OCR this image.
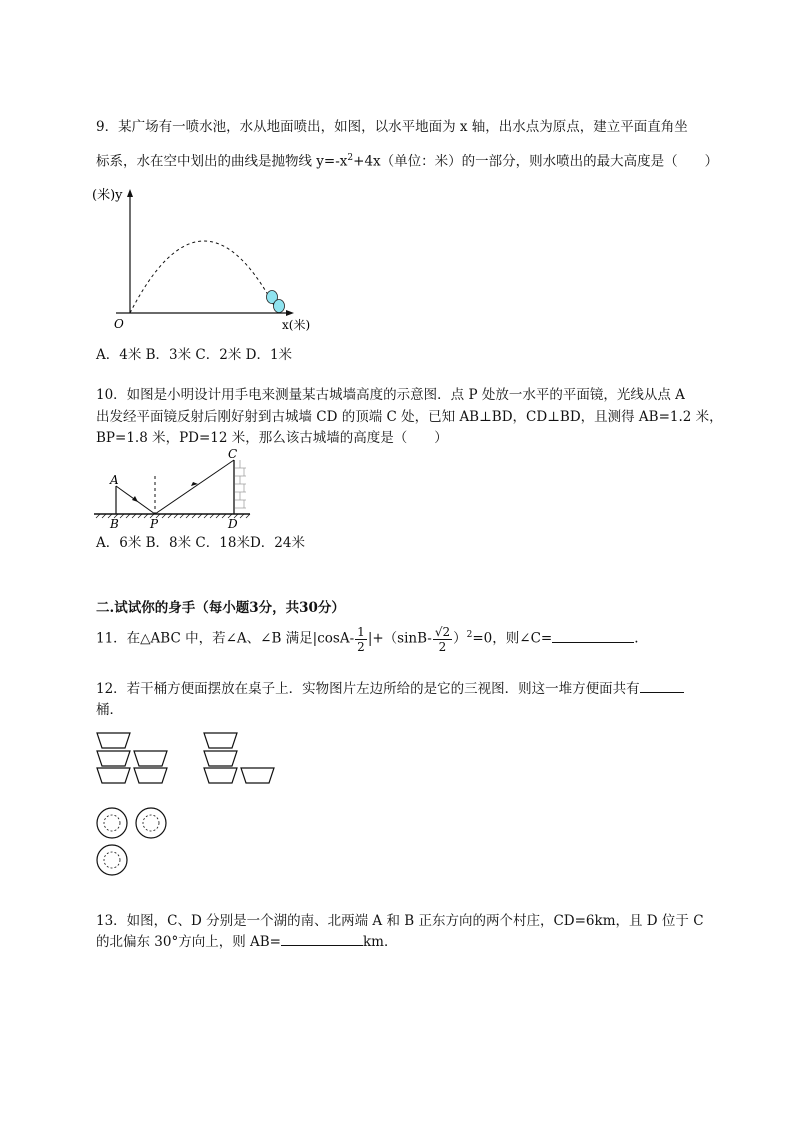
9．某广场有一喷水池，水从地面喷出，如图，以水平地面为 x 轴，出水点为原点，建立平面直角坐
标系，水在空中划出的曲线是抛物线 $y=-x^2+4x$（单位：米）的一部分，则水喷出的最大高度是（　　）
(米)y
O	x(米)
A．4米 B．3米 C．2米 D．1米
10．如图是小明设计用手电来测量某古城墙高度的示意图．点 P 处放一水平的平面镜，光线从点 A
出发经平面镜反射后刚好射到古城墙 CD 的顶端 C 处，已知 AB⊥BD，CD⊥BD，且测得 AB=1.2 米，
BP=1.8 米，PD=12 米，那么该古城墙的高度是（　　）
A
B	P
C
D
A．6米 B．8米 C．18米D．24米
二.试试你的身手（每小题3分，共30分）
11．在△ABC 中，若∠A、∠B 满足$|\cos A- \frac{1}{2} |+(\sin B- \frac{√2}{2} )^2=0$，则∠C=	.
12．若干桶方便面摆放在桌子上．实物图片左边所给的是它的三视图．则这一堆方便面共有
桶．
13．如图，C、D 分别是一个湖的南、北两端 A 和 B 正东方向的两个村庄，CD=6km，且 D 位于 C
的北偏东 30°方向上，则 AB=	km．
